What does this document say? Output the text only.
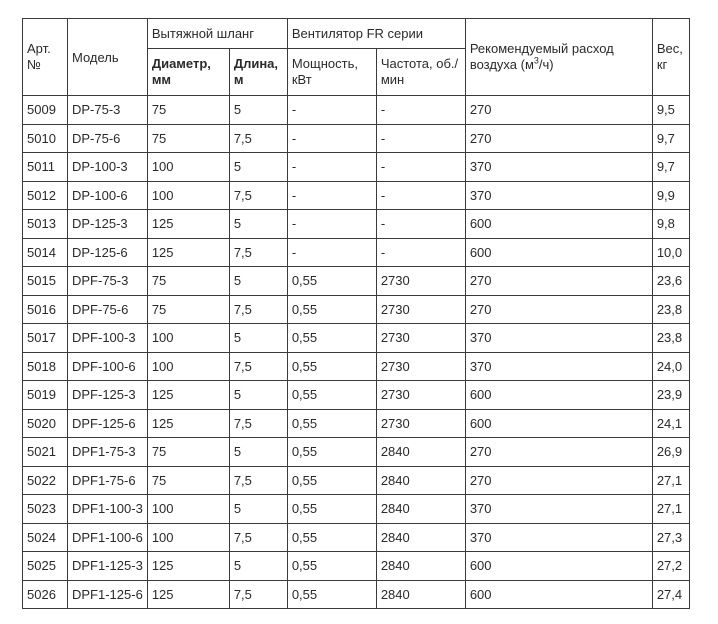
Арт. №	Модель	Вытяжной шланг		Вентилятор FR серии		Рекомендуемый расход воздуха $(м^3/ч)$	Вес, кг
		Диаметр, мм	Длина, м	Мощность, кВт	Частота, об./мин		
5009	DP-75-3	75	5	-	-	270	9,5
5010	DP-75-6	75	7,5	-	-	270	9,7
5011	DP-100-3	100	5	-	-	370	9,7
5012	DP-100-6	100	7,5	-	-	370	9,9
5013	DP-125-3	125	5	-	-	600	9,8
5014	DP-125-6	125	7,5	-	-	600	10,0
5015	DPF-75-3	75	5	0,55	2730	270	23,6
5016	DPF-75-6	75	7,5	0,55	2730	270	23,8
5017	DPF-100-3	100	5	0,55	2730	370	23,8
5018	DPF-100-6	100	7,5	0,55	2730	370	24,0
5019	DPF-125-3	125	5	0,55	2730	600	23,9
5020	DPF-125-6	125	7,5	0,55	2730	600	24,1
5021	DPF1-75-3	75	5	0,55	2840	270	26,9
5022	DPF1-75-6	75	7,5	0,55	2840	270	27,1
5023	DPF1-100-3	100	5	0,55	2840	370	27,1
5024	DPF1-100-6	100	7,5	0,55	2840	370	27,3
5025	DPF1-125-3	125	5	0,55	2840	600	27,2
5026	DPF1-125-6	125	7,5	0,55	2840	600	27,4
